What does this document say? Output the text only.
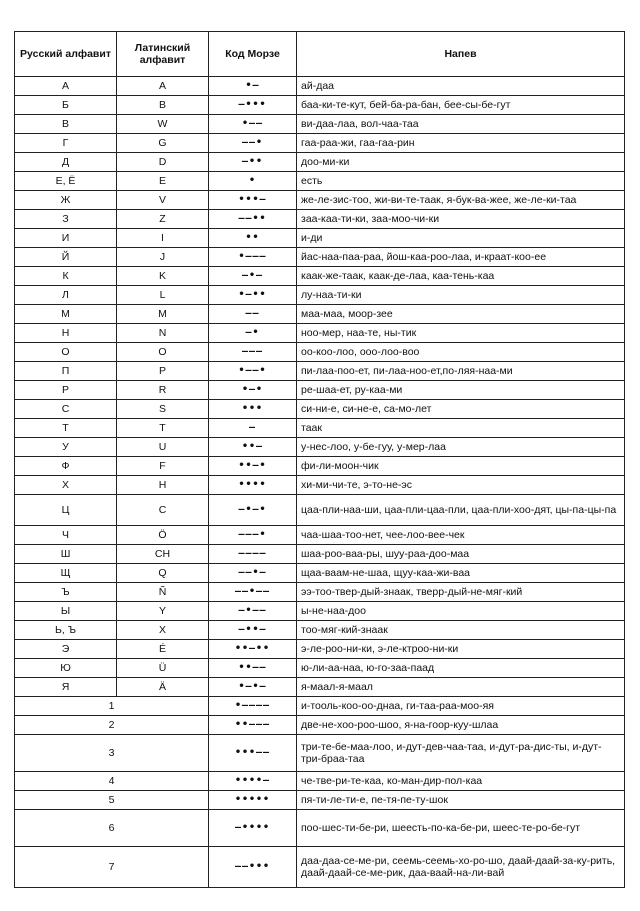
Русский алфавит	Латинский алфавит	Код Морзе	Напев
А	A	•–	ай-даа
Б	B	–•••	баа-ки-те-кут, бей-ба-ра-бан, бее-сы-бе-гут
В	W	•––	ви-даа-лаа, вол-чаа-таа
Г	G	––•	гаа-раа-жи, гаа-гаа-рин
Д	D	–••	доо-ми-ки
Е, Ё	E	•	есть
Ж	V	•••–	же-ле-зис-тоо, жи-ви-те-таак, я-бук-ва-жее, же-ле-ки-таа
З	Z	––••	заа-каа-ти-ки, заа-моо-чи-ки
И	I	••	и-ди
Й	J	•–––	йас-наа-паа-раа, йош-каа-роо-лаа, и-краат-коо-ее
К	K	–•–	каак-же-таак, каак-де-лаа, каа-тень-каа
Л	L	•–••	лу-наа-ти-ки
М	M	––	маа-маа, моор-зее
Н	N	–•	ноо-мер, наа-те, ны-тик
О	O	–––	оо-коо-лоо, ооо-лоо-воо
П	P	•––•	пи-лаа-поо-ет, пи-лаа-ноо-ет,по-ляя-наа-ми
Р	R	•–•	ре-шаа-ет, ру-каа-ми
С	S	•••	си-ни-е, си-не-е, са-мо-лет
Т	T	–	таак
У	U	••–	у-нес-лоо, у-бе-гуу, у-мер-лаа
Ф	F	••–•	фи-ли-моон-чик
Х	H	••••	хи-ми-чи-те, э-то-не-эс
Ц	C	–•–•	цаа-пли-наа-ши, цаа-пли-цаа-пли, цаа-пли-хоо-дят, цы-па-цы-па
Ч	Ö	–––•	чаа-шаа-тоо-нет, чее-лоо-вее-чек
Ш	CH	––––	шаа-роо-ваа-ры, шуу-раа-доо-маа
Щ	Q	––•–	щаа-ваам-не-шаа, щуу-каа-жи-ваа
Ъ	Ñ	––•––	ээ-тоо-твер-дый-знаак, тверр-дый-не-мяг-кий
Ы	Y	–•––	ы-не-наа-доо
Ь, Ъ	X	–••–	тоо-мяг-кий-знаак
Э	É	••–••	э-ле-роо-ни-ки, э-ле-ктроо-ни-ки
Ю	Ü	••––	ю-ли-аа-наа, ю-го-заа-паад
Я	Ä	•–•–	я-маал-я-маал
1		•––––	и-тооль-коо-оо-днаа, ги-таа-раа-моо-яя
2		••–––	две-не-хоо-роо-шоо, я-на-гоор-куу-шлаа
3		•••––	три-те-бе-маа-лоо, и-дут-дев-чаа-таа, и-дут-ра-дис-ты, и-дут-три-браа-таа
4		••••–	че-тве-ри-те-каа, ко-ман-дир-пол-каа
5		•••••	пя-ти-ле-ти-е, пе-тя-пе-ту-шок
6		–••••	поо-шес-ти-бе-ри, шеесть-по-ка-бе-ри, шеес-те-ро-бе-гут
7		––•••	даа-даа-се-ме-ри, сеемь-сеемь-хо-ро-шо, даай-даай-за-ку-рить, даай-даай-се-ме-рик, даа-ваай-на-ли-вай
